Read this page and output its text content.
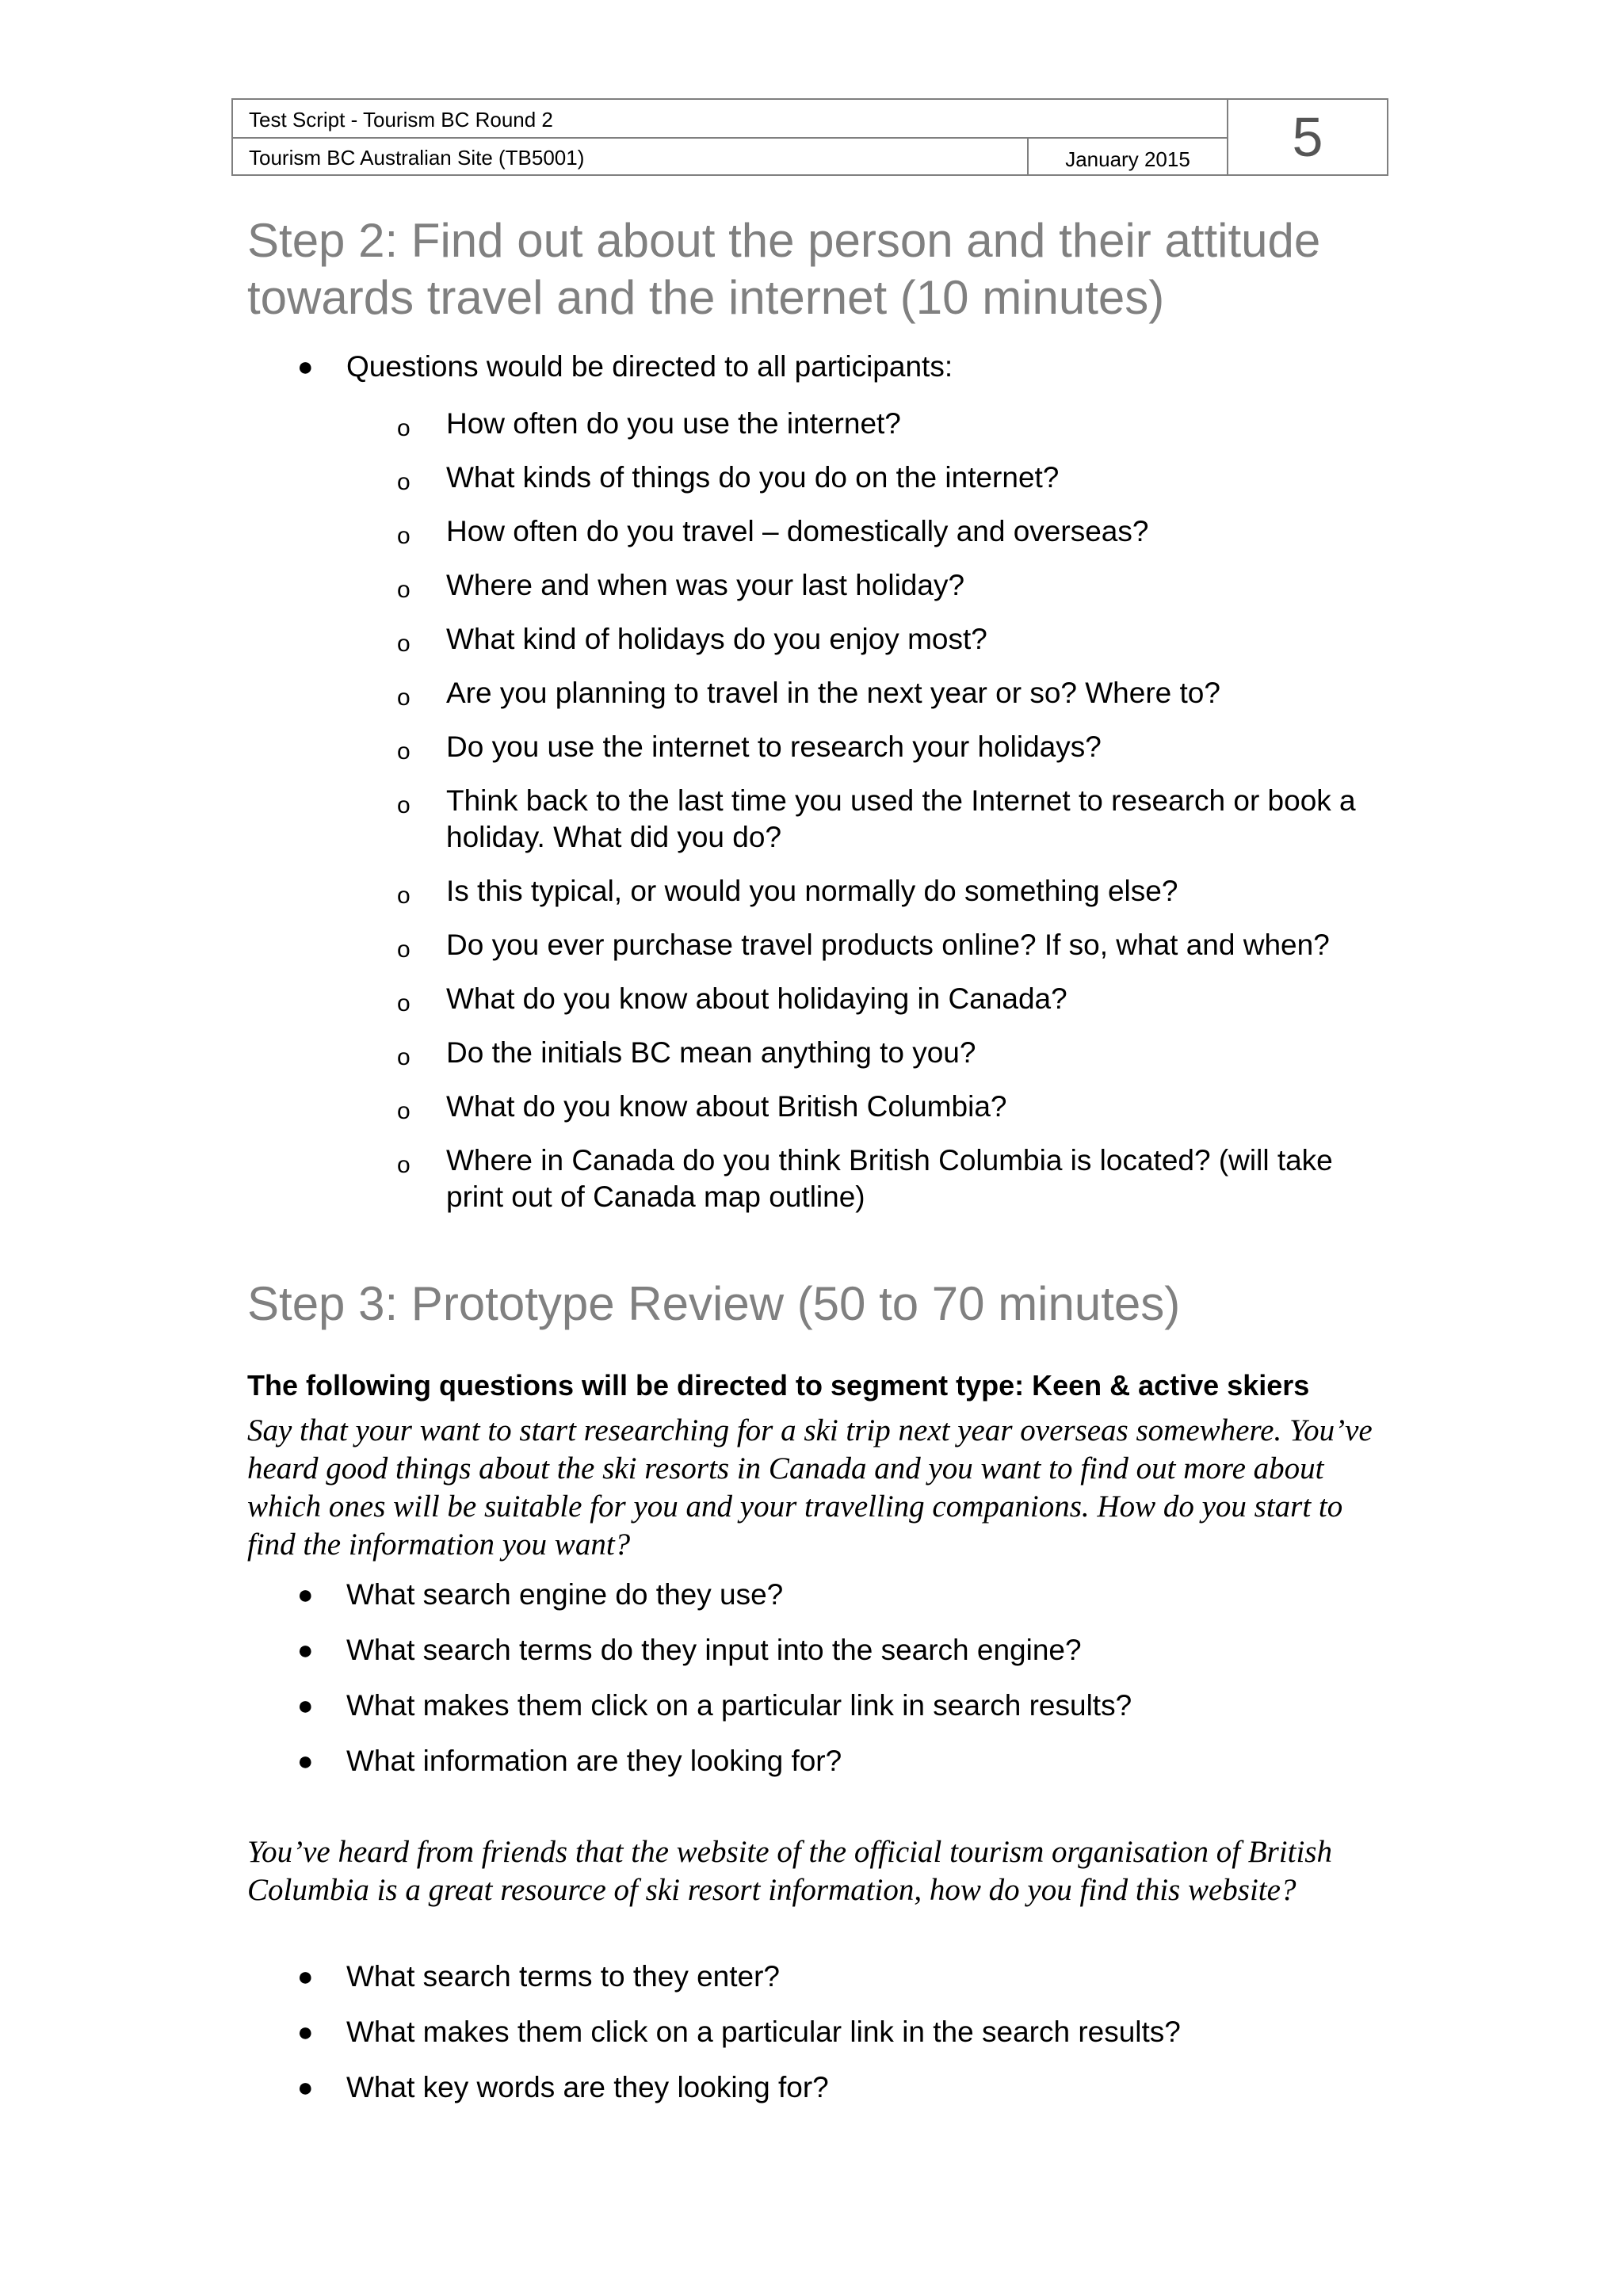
Test Script - Tourism BC Round 2
Tourism BC Australian Site (TB5001)	January 2015	5
Step 2: Find out about the person and their attitude towards travel and the internet (10 minutes)
● Questions would be directed to all participants:
o How often do you use the internet?
o What kinds of things do you do on the internet?
o How often do you travel – domestically and overseas?
o Where and when was your last holiday?
o What kind of holidays do you enjoy most?
o Are you planning to travel in the next year or so? Where to?
o Do you use the internet to research your holidays?
o Think back to the last time you used the Internet to research or book a holiday. What did you do?
o Is this typical, or would you normally do something else?
o Do you ever purchase travel products online? If so, what and when?
o What do you know about holidaying in Canada?
o Do the initials BC mean anything to you?
o What do you know about British Columbia?
o Where in Canada do you think British Columbia is located? (will take print out of Canada map outline)
Step 3: Prototype Review (50 to 70 minutes)
The following questions will be directed to segment type: Keen & active skiers

Say that your want to start researching for a ski trip next year overseas somewhere. You’ve heard good things about the ski resorts in Canada and you want to find out more about which ones will be suitable for you and your travelling companions. How do you start to find the information you want?

● What search engine do they use?
● What search terms do they input into the search engine?
● What makes them click on a particular link in search results?
● What information are they looking for?

You’ve heard from friends that the website of the official tourism organisation of British Columbia is a great resource of ski resort information, how do you find this website?

● What search terms to they enter?
● What makes them click on a particular link in the search results?
● What key words are they looking for?
